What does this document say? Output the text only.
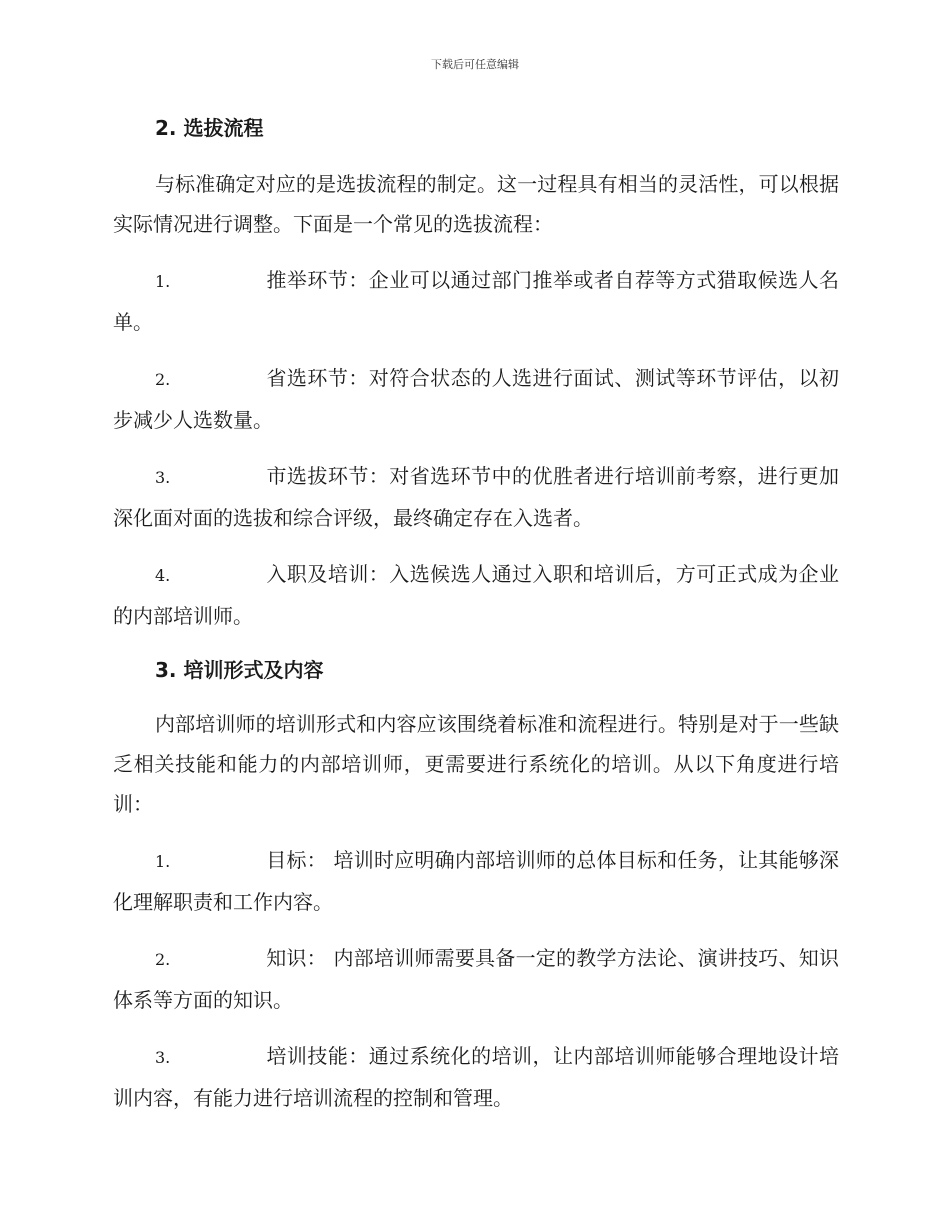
下载后可任意编辑
2. 选拔流程

与标准确定对应的是选拔流程的制定。这一过程具有相当的灵活性，可以根据实际情况进行调整。下面是一个常见的选拔流程：

1.	推举环节：企业可以通过部门推举或者自荐等方式猎取候选人名单。

2.	省选环节：对符合状态的人选进行面试、测试等环节评估，以初步减少人选数量。

3.	市选拔环节：对省选环节中的优胜者进行培训前考察，进行更加深化面对面的选拔和综合评级，最终确定存在入选者。

4.	入职及培训：入选候选人通过入职和培训后，方可正式成为企业的内部培训师。

3. 培训形式及内容

内部培训师的培训形式和内容应该围绕着标准和流程进行。特别是对于一些缺乏相关技能和能力的内部培训师，更需要进行系统化的培训。从以下角度进行培训：

1.	目标： 培训时应明确内部培训师的总体目标和任务，让其能够深化理解职责和工作内容。

2.	知识： 内部培训师需要具备一定的教学方法论、演讲技巧、知识体系等方面的知识。

3.	培训技能：通过系统化的培训，让内部培训师能够合理地设计培训内容，有能力进行培训流程的控制和管理。
